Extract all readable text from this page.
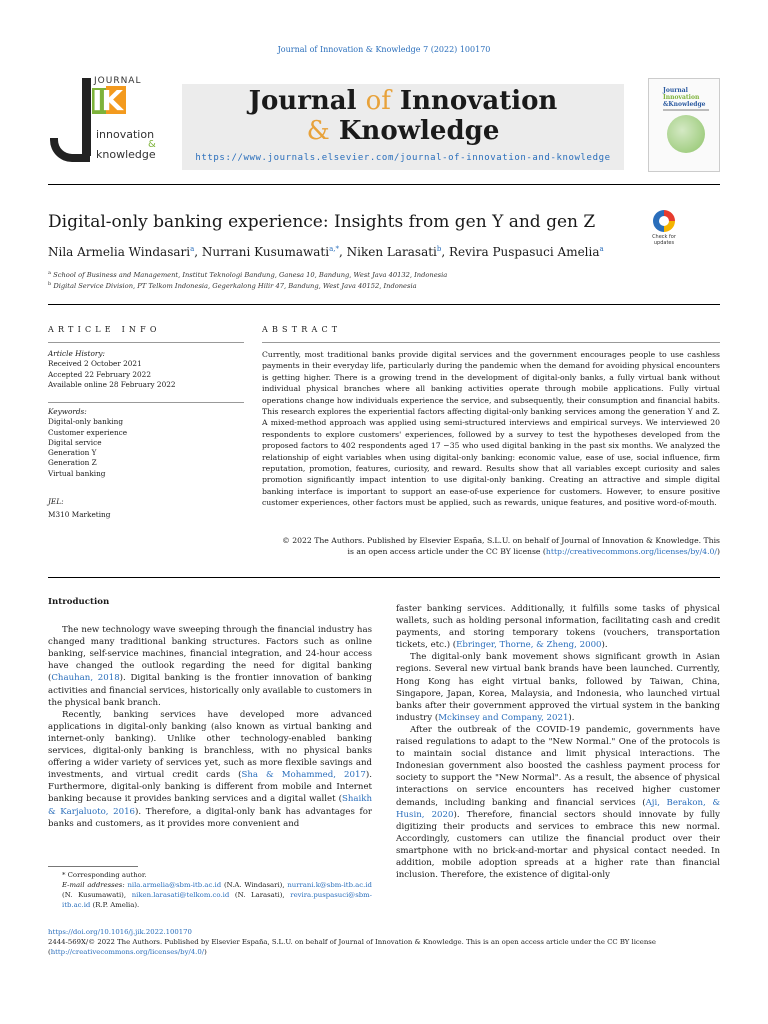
Journal of Innovation & Knowledge 7 (2022) 100170
IK
JOURNAL
innovation
&
knowledge
Journal of Innovation
& Knowledge
https://www.journals.elsevier.com/journal-of-innovation-and-knowledge
Journal
Innovation
&Knowledge
Digital-only banking experience: Insights from gen Y and gen Z
Check for
updates
Nila Armelia Windasari$^a$, Nurrani Kusumawati$^{a,*}$, Niken Larasati$^b$, Revira Puspasuci Amelia$^a$
$^a$ School of Business and Management, Institut Teknologi Bandung, Ganesa 10, Bandung, West Java 40132, Indonesia
$^b$ Digital Service Division, PT Telkom Indonesia, Gegerkalong Hilir 47, Bandung, West Java 40152, Indonesia
ARTICLE INFO	ABSTRACT
Article History:
Received 2 October 2021
Accepted 22 February 2022
Available online 28 February 2022
Keywords:
Digital-only banking
Customer experience
Digital service
Generation Y
Generation Z
Virtual banking
JEL:
M310 Marketing
Currently, most traditional banks provide digital services and the government encourages people to use cashless payments in their everyday life, particularly during the pandemic when the demand for avoiding physical encounters is getting higher. There is a growing trend in the development of digital-only banks, a fully virtual bank without individual physical branches where all banking activities operate through mobile applications. Fully virtual operations change how individuals experience the service, and subsequently, their consumption and financial habits. This research explores the experiential factors affecting digital-only banking services among the generation Y and Z. A mixed-method approach was applied using semi-structured interviews and empirical surveys. We interviewed 20 respondents to explore customers' experiences, followed by a survey to test the hypotheses developed from the proposed factors to 402 respondents aged 17 −35 who used digital banking in the past six months. We analyzed the relationship of eight variables when using digital-only banking: economic value, ease of use, social influence, firm reputation, promotion, features, curiosity, and reward. Results show that all variables except curiosity and sales promotion significantly impact intention to use digital-only banking. Creating an attractive and simple digital banking interface is important to support an ease-of-use experience for customers. However, to ensure positive customer experiences, other factors must be applied, such as rewards, unique features, and positive word-of-mouth.
© 2022 The Authors. Published by Elsevier España, S.L.U. on behalf of Journal of Innovation & Knowledge. This
is an open access article under the CC BY license (http://creativecommons.org/licenses/by/4.0/)
Introduction

The new technology wave sweeping through the financial industry has changed many traditional banking structures. Factors such as online banking, self-service machines, financial integration, and 24-hour access have changed the outlook regarding the need for digital banking (Chauhan, 2018). Digital banking is the frontier innovation of banking activities and financial services, historically only available to customers in the physical bank branch.

Recently, banking services have developed more advanced applications in digital-only banking (also known as virtual banking and internet-only banking). Unlike other technology-enabled banking services, digital-only banking is branchless, with no physical banks offering a wider variety of services yet, such as more flexible savings and investments, and virtual credit cards (Sha & Mohammed, 2017). Furthermore, digital-only banking is different from mobile and Internet banking because it provides banking services and a digital wallet (Shaikh & Karjaluoto, 2016). Therefore, a digital-only bank has advantages for banks and customers, as it provides more convenient and

faster banking services. Additionally, it fulfills some tasks of physical wallets, such as holding personal information, facilitating cash and credit payments, and storing temporary tokens (vouchers, transportation tickets, etc.) (Ebringer, Thorne, & Zheng, 2000).

The digital-only bank movement shows significant growth in Asian regions. Several new virtual bank brands have been launched. Currently, Hong Kong has eight virtual banks, followed by Taiwan, China, Singapore, Japan, Korea, Malaysia, and Indonesia, who launched virtual banks after their government approved the virtual system in the banking industry (Mckinsey and Company, 2021).

After the outbreak of the COVID-19 pandemic, governments have raised regulations to adapt to the "New Normal." One of the protocols is to maintain social distance and limit physical interactions. The Indonesian government also boosted the cashless payment process for society to support the "New Normal". As a result, the absence of physical interactions on service encounters has received higher customer demands, including banking and financial services (Aji, Berakon, & Husin, 2020). Therefore, financial sectors should innovate by fully digitizing their products and services to embrace this new normal. Accordingly, customers can utilize the financial product over their smartphone with no brick-and-mortar and physical contact needed. In addition, mobile adoption spreads at a higher rate than financial inclusion. Therefore, the existence of digital-only

* Corresponding author.
E-mail addresses: nila.armelia@sbm-itb.ac.id (N.A. Windasari), nurrani.k@sbm-itb.ac.id (N. Kusumawati), niken.larasati@telkom.co.id (N. Larasati), revira.puspasuci@sbm-itb.ac.id (R.P. Amelia).
https://doi.org/10.1016/j.jik.2022.100170
2444-569X/© 2022 The Authors. Published by Elsevier España, S.L.U. on behalf of Journal of Innovation & Knowledge. This is an open access article under the CC BY license
(http://creativecommons.org/licenses/by/4.0/)
